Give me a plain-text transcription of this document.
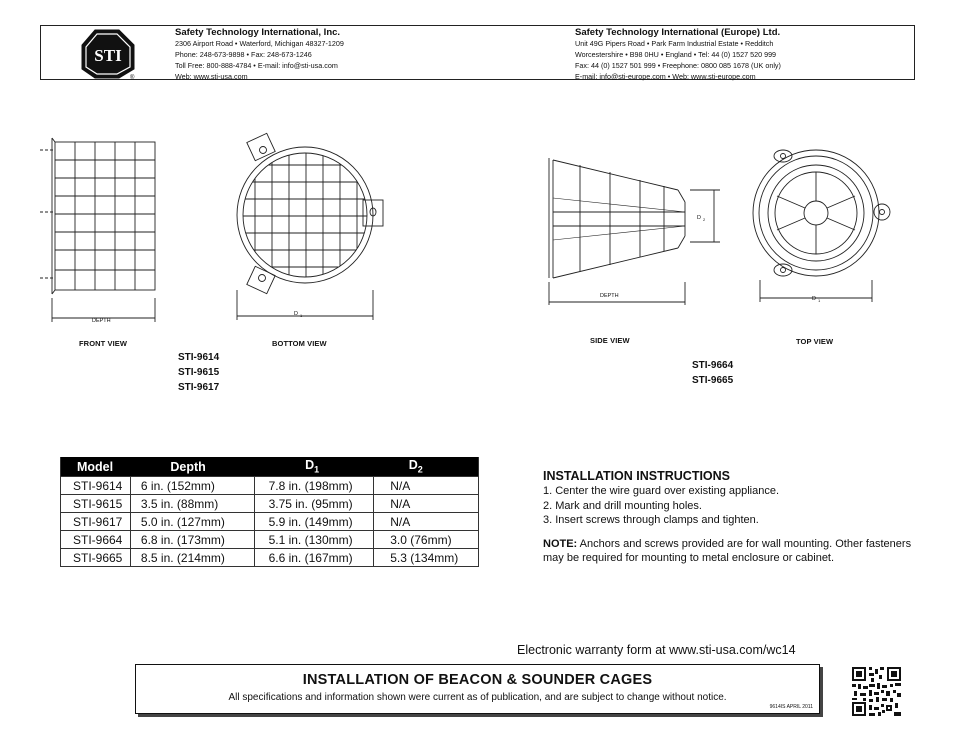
STI
®
Safety Technology International, Inc.
2306 Airport Road • Waterford, Michigan 48327-1209
Phone: 248-673-9898 • Fax: 248-673-1246
Toll Free: 800-888-4784 • E-mail: info@sti-usa.com
Web: www.sti-usa.com
Safety Technology International (Europe) Ltd.
Unit 49G Pipers Road • Park Farm Industrial Estate • Redditch
Worcestershire • B98 0HU • England • Tel: 44 (0) 1527 520 999
Fax: 44 (0) 1527 501 999 • Freephone: 0800 085 1678 (UK only)
E-mail: info@sti-europe.com • Web: www.sti-europe.com
DEPTH
D 1
DEPTH
D 2
D 1
FRONT VIEW	BOTTOM VIEW	SIDE VIEW	TOP VIEW
STI-9614
STI-9615
STI-9617
STI-9664
STI-9665
Model	Depth	$D_1$	$D_2$
STI-9614	6 in. (152mm)	7.8 in. (198mm)	N/A
STI-9615	3.5 in. (88mm)	3.75 in. (95mm)	N/A
STI-9617	5.0 in. (127mm)	5.9 in. (149mm)	N/A
STI-9664	6.8 in. (173mm)	5.1 in. (130mm)	3.0 (76mm)
STI-9665	8.5 in. (214mm)	6.6 in. (167mm)	5.3 (134mm)
INSTALLATION INSTRUCTIONS
1. Center the wire guard over existing appliance.
2. Mark and drill mounting holes.
3. Insert screws through clamps and tighten.
NOTE: Anchors and screws provided are for wall mounting. Other fasteners may be required for mounting to metal enclosure or cabinet.
Electronic warranty form at www.sti-usa.com/wc14
INSTALLATION OF BEACON & SOUNDER CAGES
All specifications and information shown were current as of publication, and are subject to change without notice.
9614IS APRIL 2011
